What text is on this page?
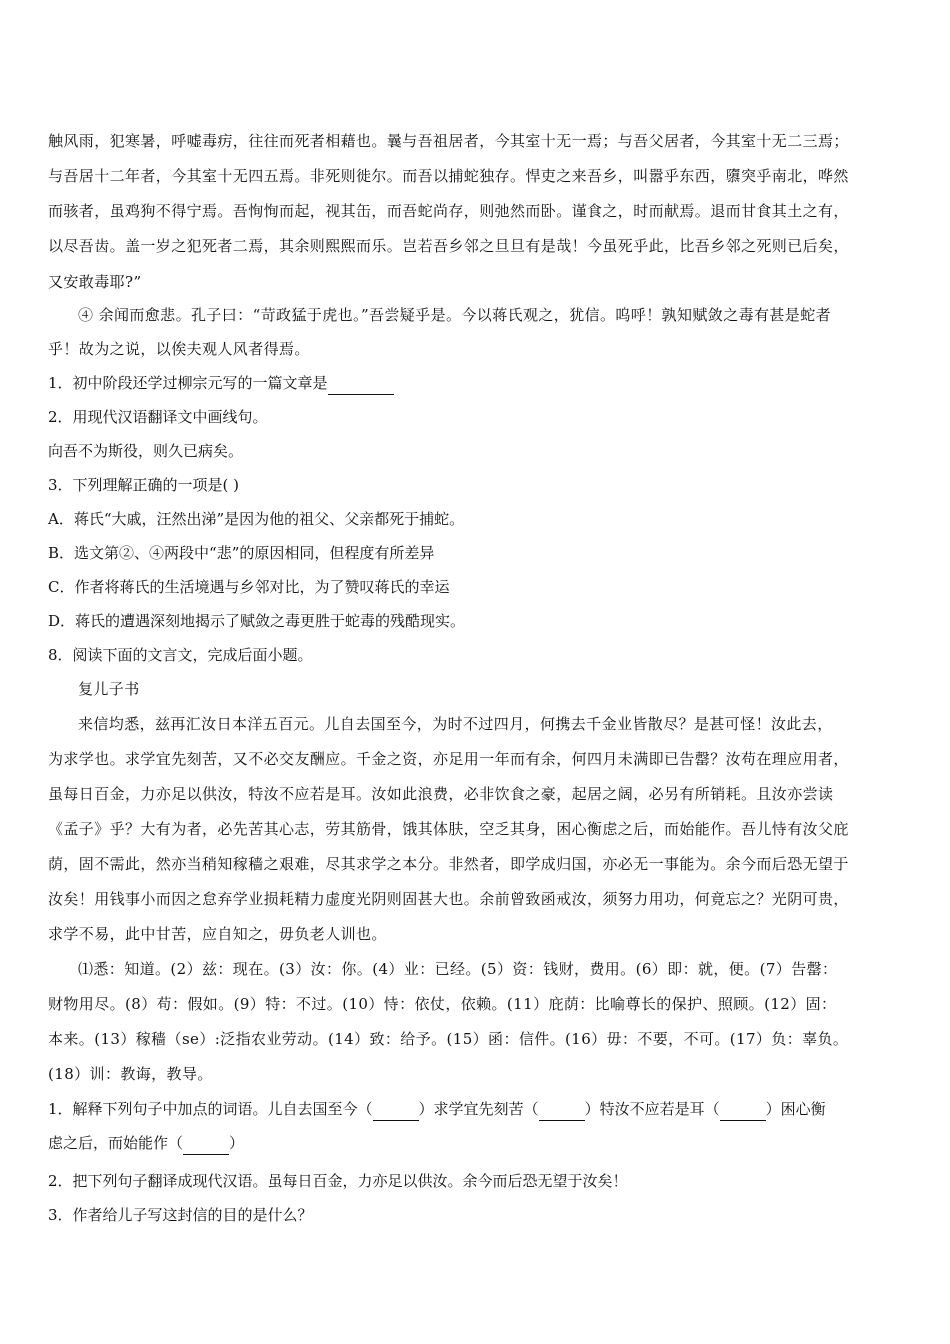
触风雨，犯寒暑，呼嘘毒疠，往往而死者相藉也。曩与吾祖居者，今其室十无一焉；与吾父居者，今其室十无二三焉；
与吾居十二年者，今其室十无四五焉。非死则徙尔。而吾以捕蛇独存。悍吏之来吾乡，叫嚣乎东西，隳突乎南北，哗然
而骇者，虽鸡狗不得宁焉。吾恂恂而起，视其缶，而吾蛇尚存，则弛然而卧。谨食之，时而献焉。退而甘食其土之有，
以尽吾齿。盖一岁之犯死者二焉，其余则熙熙而乐。岂若吾乡邻之旦旦有是哉！今虽死乎此，比吾乡邻之死则已后矣，
又安敢毒耶?”
④ 余闻而愈悲。孔子曰：“苛政猛于虎也。”吾尝疑乎是。今以蒋氏观之，犹信。呜呼！孰知赋敛之毒有甚是蛇者
乎！故为之说，以俟夫观人风者得焉。
1．初中阶段还学过柳宗元写的一篇文章是
2．用现代汉语翻译文中画线句。
向吾不为斯役，则久已病矣。
3．下列理解正确的一项是( )
A．蒋氏“大戚，汪然出涕”是因为他的祖父、父亲都死于捕蛇。
B．选文第②、④两段中“悲”的原因相同，但程度有所差异
C．作者将蒋氏的生活境遇与乡邻对比，为了赞叹蒋氏的幸运
D．蒋氏的遭遇深刻地揭示了赋敛之毒更胜于蛇毒的残酷现实。
8．阅读下面的文言文，完成后面小题。
复儿子书
来信均悉，兹再汇汝日本洋五百元。儿自去国至今，为时不过四月，何携去千金业皆散尽？是甚可怪！汝此去，
为求学也。求学宜先刻苦，又不必交友酬应。千金之资，亦足用一年而有余，何四月未满即已告罄？汝苟在理应用者，
虽每日百金，力亦足以供汝，特汝不应若是耳。汝如此浪费，必非饮食之豪，起居之阔，必另有所销耗。且汝亦尝读
《孟子》乎？大有为者，必先苦其心志，劳其筋骨，饿其体肤，空乏其身，困心衡虑之后，而始能作。吾儿恃有汝父庇
荫，固不需此，然亦当稍知稼穑之艰难，尽其求学之本分。非然者，即学成归国，亦必无一事能为。余今而后恐无望于
汝矣！用钱事小而因之怠弃学业损耗精力虚度光阴则固甚大也。余前曾致函戒汝，须努力用功，何竟忘之？光阴可贵，
求学不易，此中甘苦，应自知之，毋负老人训也。
⑴悉：知道。(2）兹：现在。(3）汝：你。(4）业：已经。(5）资：钱财，费用。(6）即：就，便。(7）告罄：
财物用尽。(8）苟：假如。(9）特：不过。(10）恃：依仗，依赖。(11）庇荫：比喻尊长的保护、照顾。(12）固：
本来。(13）稼穑（se）:泛指农业劳动。(14）致：给予。(15）函：信件。(16）毋：不要，不可。(17）负：辜负。
(18）训：教诲，教导。
1．解释下列句子中加点的词语。儿自去国至今（	）求学宜先刻苦（	）特汝不应若是耳（	）困心衡
虑之后，而始能作（	）
2．把下列句子翻译成现代汉语。虽每日百金，力亦足以供汝。余今而后恐无望于汝矣！
3．作者给儿子写这封信的目的是什么？
